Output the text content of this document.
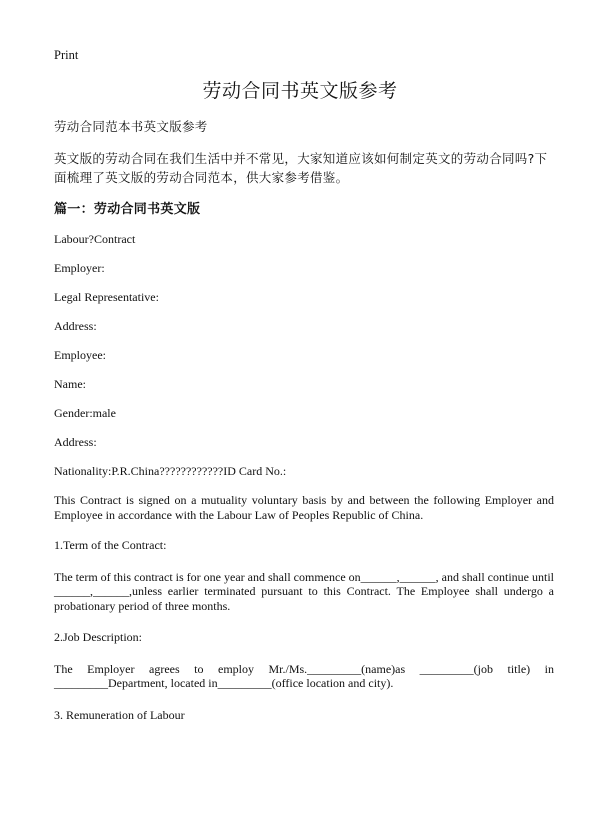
Print
劳动合同书英文版参考
劳动合同范本书英文版参考
英文版的劳动合同在我们生活中并不常见，大家知道应该如何制定英文的劳动合同吗?下面梳理了英文版的劳动合同范本，供大家参考借鉴。
篇一：劳动合同书英文版
Labour?Contract
Employer:
Legal Representative:
Address:
Employee:
Name:
Gender:male
Address:
Nationality:P.R.China????????????ID Card No.:

This Contract is signed on a mutuality voluntary basis by and between the following Employer and Employee in accordance with the Labour Law of Peoples Republic of China.

1.Term of the Contract:

The term of this contract is for one year and shall commence on______,______, and shall continue until ______,______,unless earlier terminated pursuant to this Contract. The Employee shall undergo a probationary period of three months.

2.Job Description:

The Employer agrees to employ Mr./Ms._________(name)as _________(job title) in _________Department, located in_________(office location and city).

3. Remuneration of Labour
